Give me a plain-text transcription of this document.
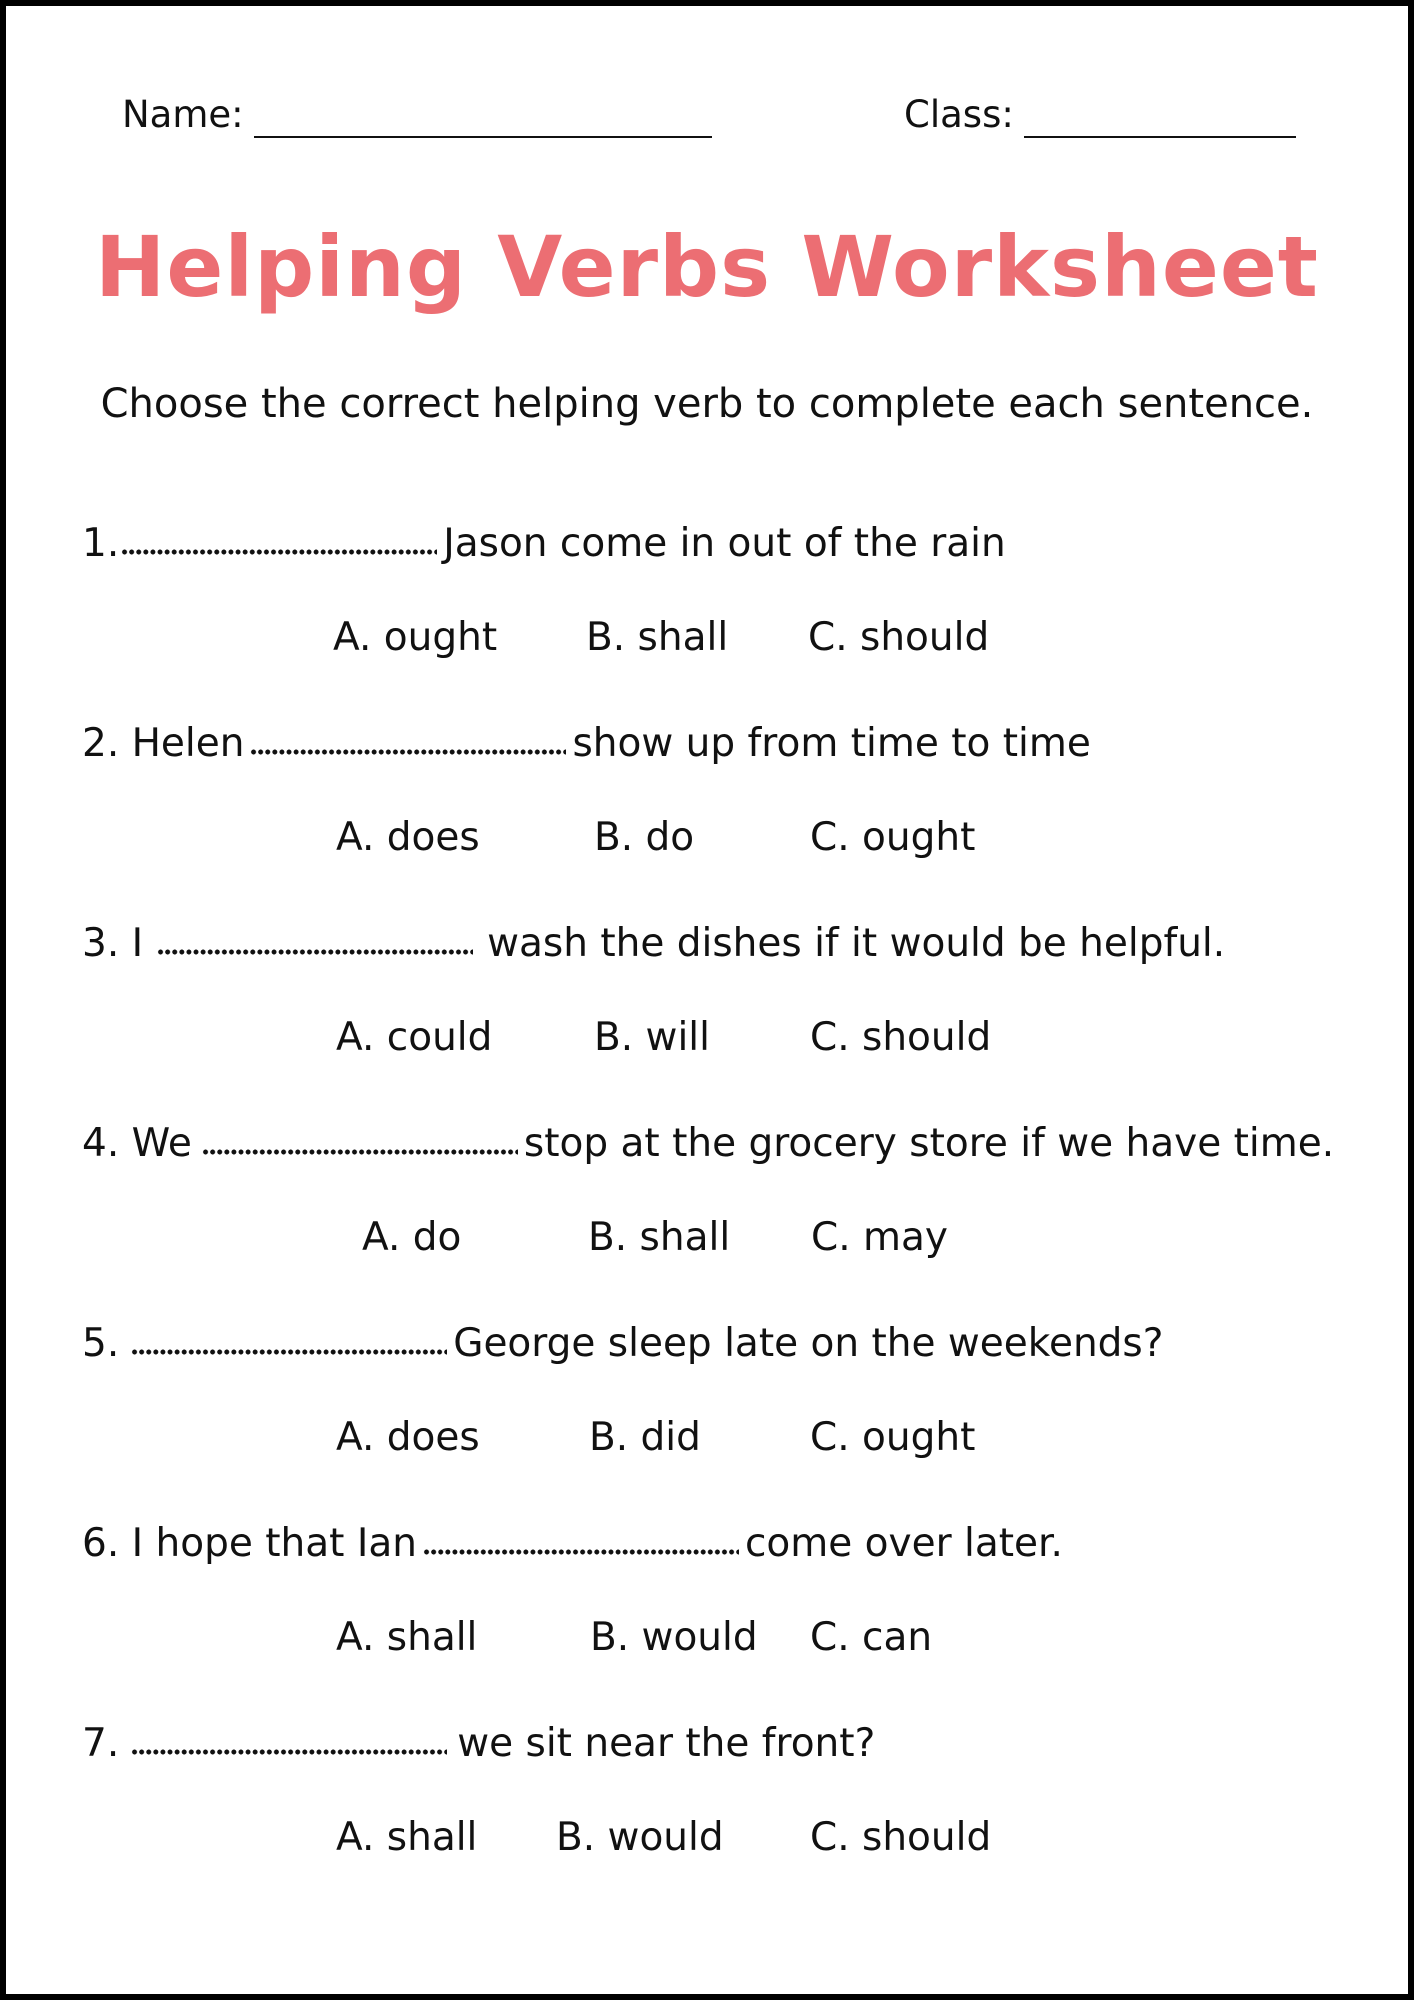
Name:	Class:
Helping Verbs Worksheet
Choose the correct helping verb to complete each sentence.
1.	Jason come in out of the rain
A. ought B. shall C. should
2. Helen	show up from time to time
A. does	B. do	C. ought
3. I	wash the dishes if it would be helpful.
A. could	B. will	C. should
4. We	stop at the grocery store if we have time.
A. do	B. shall C. may
5.	George sleep late on the weekends?
A. does	B. did	C. ought
6. I hope that Ian	come over later.
A. shall	B. would C. can
7.	we sit near the front?
A. shall B. would C. should
